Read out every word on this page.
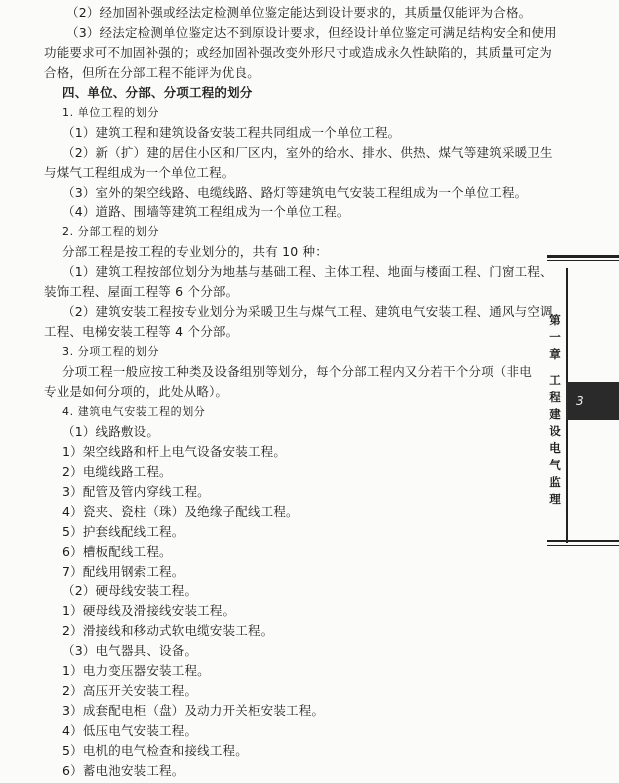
（2）经加固补强或经法定检测单位鉴定能达到设计要求的，其质量仅能评为合格。
（3）经法定检测单位鉴定达不到原设计要求，但经设计单位鉴定可满足结构安全和使用
功能要求可不加固补强的；或经加固补强改变外形尺寸或造成永久性缺陷的，其质量可定为
合格，但所在分部工程不能评为优良。
四、单位、分部、分项工程的划分
1. 单位工程的划分
（1）建筑工程和建筑设备安装工程共同组成一个单位工程。
（2）新（扩）建的居住小区和厂区内，室外的给水、排水、供热、煤气等建筑采暖卫生
与煤气工程组成为一个单位工程。
（3）室外的架空线路、电缆线路、路灯等建筑电气安装工程组成为一个单位工程。
（4）道路、围墙等建筑工程组成为一个单位工程。
2. 分部工程的划分
分部工程是按工程的专业划分的，共有 10 种：
（1）建筑工程按部位划分为地基与基础工程、主体工程、地面与楼面工程、门窗工程、
装饰工程、屋面工程等 6 个分部。
（2）建筑安装工程按专业划分为采暖卫生与煤气工程、建筑电气安装工程、通风与空调
工程、电梯安装工程等 4 个分部。
3. 分项工程的划分
分项工程一般应按工种类及设备组别等划分，每个分部工程内又分若干个分项（非电
专业是如何分项的，此处从略）。
4. 建筑电气安装工程的划分
（1）线路敷设。
1）架空线路和杆上电气设备安装工程。
2）电缆线路工程。
3）配管及管内穿线工程。
4）瓷夹、瓷柱（珠）及绝缘子配线工程。
5）护套线配线工程。
6）槽板配线工程。
7）配线用钢索工程。
（2）硬母线安装工程。
1）硬母线及滑接线安装工程。
2）滑接线和移动式软电缆安装工程。
（3）电气器具、设备。
1）电力变压器安装工程。
2）高压开关安装工程。
3）成套配电柜（盘）及动力开关柜安装工程。
4）低压电气安装工程。
5）电机的电气检查和接线工程。
6）蓄电池安装工程。
第一章
工程建设电气监理
3
